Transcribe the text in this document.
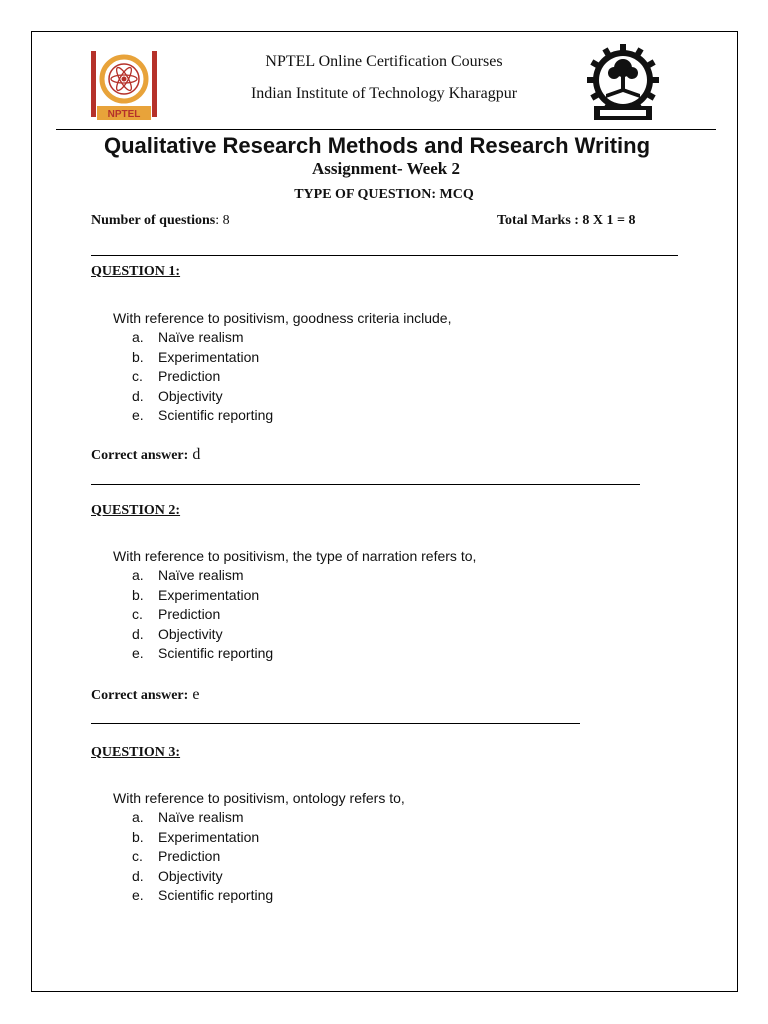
NPTEL
NPTEL Online Certification Courses
Indian Institute of Technology Kharagpur
Qualitative Research Methods and Research Writing
Assignment- Week 2
TYPE OF QUESTION: MCQ
Number of questions: 8	Total Marks : 8 X 1 = 8
QUESTION 1:
With reference to positivism, goodness criteria include,
a. Naïve realism
b. Experimentation
c. Prediction
d. Objectivity
e. Scientific reporting
Correct answer: d
QUESTION 2:
With reference to positivism, the type of narration refers to,
a. Naïve realism
b. Experimentation
c. Prediction
d. Objectivity
e. Scientific reporting
Correct answer: e
QUESTION 3:
With reference to positivism, ontology refers to,
a. Naïve realism
b. Experimentation
c. Prediction
d. Objectivity
e. Scientific reporting
